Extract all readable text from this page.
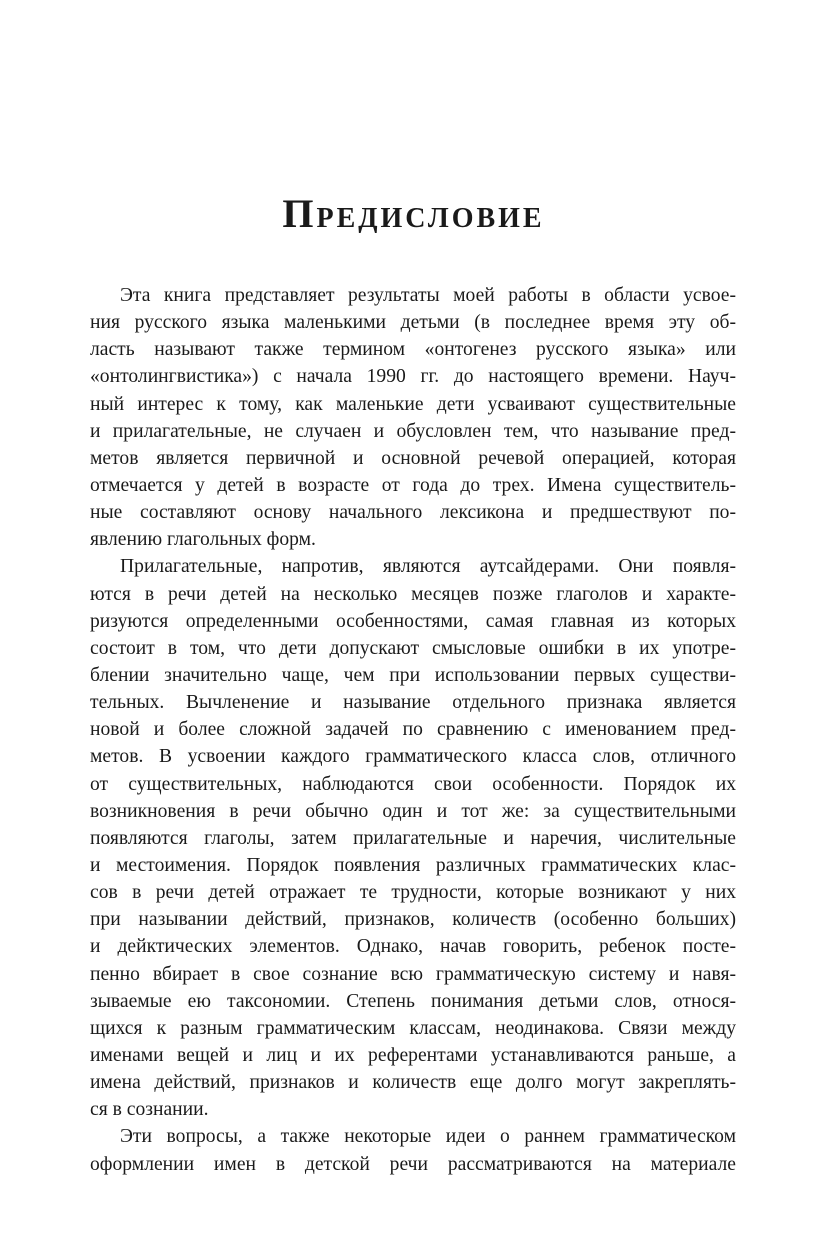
Предисловие
Эта книга представляет результаты моей работы в области усвое-
ния русского языка маленькими детьми (в последнее время эту об-
ласть называют также термином «онтогенез русского языка» или
«онтолингвистика») с начала 1990 гг. до настоящего времени. Науч-
ный интерес к тому, как маленькие дети усваивают существительные
и прилагательные, не случаен и обусловлен тем, что называние пред-
метов является первичной и основной речевой операцией, которая
отмечается у детей в возрасте от года до трех. Имена существитель-
ные составляют основу начального лексикона и предшествуют по-
явлению глагольных форм.
Прилагательные, напротив, являются аутсайдерами. Они появля-
ются в речи детей на несколько месяцев позже глаголов и характе-
ризуются определенными особенностями, самая главная из которых
состоит в том, что дети допускают смысловые ошибки в их употре-
блении значительно чаще, чем при использовании первых существи-
тельных. Вычленение и называние отдельного признака является
новой и более сложной задачей по сравнению с именованием пред-
метов. В усвоении каждого грамматического класса слов, отличного
от существительных, наблюдаются свои особенности. Порядок их
возникновения в речи обычно один и тот же: за существительными
появляются глаголы, затем прилагательные и наречия, числительные
и местоимения. Порядок появления различных грамматических клас-
сов в речи детей отражает те трудности, которые возникают у них
при назывании действий, признаков, количеств (особенно больших)
и дейктических элементов. Однако, начав говорить, ребенок посте-
пенно вбирает в свое сознание всю грамматическую систему и навя-
зываемые ею таксономии. Степень понимания детьми слов, относя-
щихся к разным грамматическим классам, неодинакова. Связи между
именами вещей и лиц и их референтами устанавливаются раньше, а
имена действий, признаков и количеств еще долго могут закреплять-
ся в сознании.
Эти вопросы, а также некоторые идеи о раннем грамматическом
оформлении имен в детской речи рассматриваются на материале
